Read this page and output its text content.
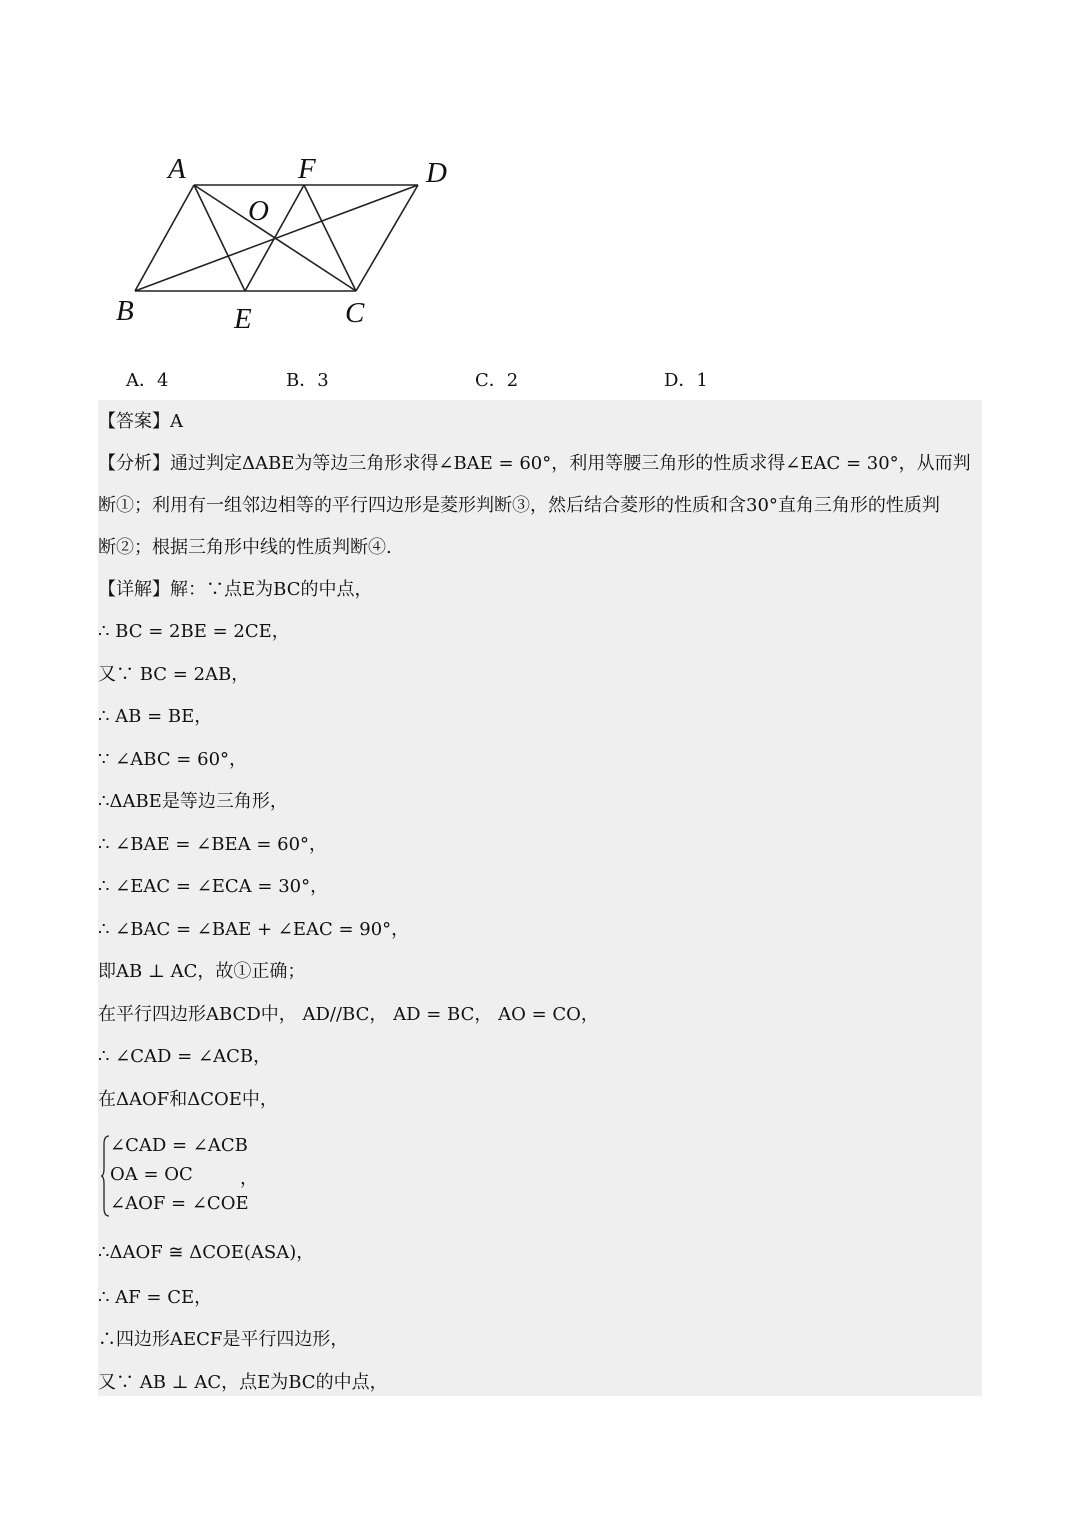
A	F	D
O
B	E	C
A．4	B．3	C．2	D．1
【答案】A
【分析】通过判定ΔABE为等边三角形求得∠BAE = 60°，利用等腰三角形的性质求得∠EAC = 30°，从而判
断①；利用有一组邻边相等的平行四边形是菱形判断③，然后结合菱形的性质和含30°直角三角形的性质判
断②；根据三角形中线的性质判断④.
【详解】解：∵点E为BC的中点，
∴ BC = 2BE = 2CE，
又∵ BC = 2AB，
∴ AB = BE，
∵ ∠ABC = 60°，
∴ΔABE是等边三角形，
∴ ∠BAE = ∠BEA = 60°，
∴ ∠EAC = ∠ECA = 30°，
∴ ∠BAC = ∠BAE + ∠EAC = 90°，
即AB ⊥ AC，故①正确；
在平行四边形ABCD中， AD//BC， AD = BC， AO = CO，
∴ ∠CAD = ∠ACB，
在ΔAOF和ΔCOE中，
∠CAD = ∠ACB
OA = OC
∠AOF = ∠COE
，
∴ΔAOF ≅ ΔCOE(ASA)，
∴ AF = CE，
∴四边形AECF是平行四边形，
又∵ AB ⊥ AC，点E为BC的中点，
